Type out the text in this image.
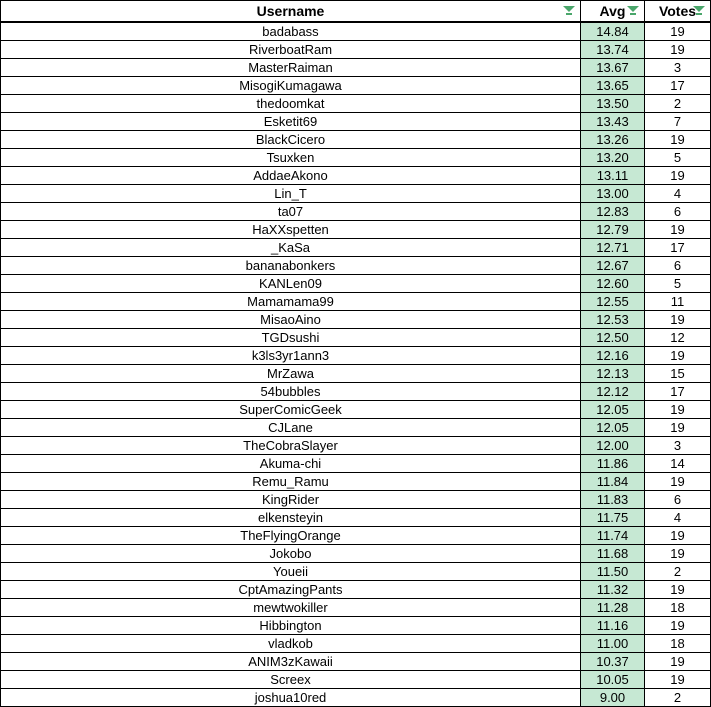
Username	Avg	Votes

badabass	14.84	19
RiverboatRam	13.74	19
MasterRaiman	13.67	3
MisogiKumagawa	13.65	17
thedoomkat	13.50	2
Esketit69	13.43	7
BlackCicero	13.26	19
Tsuxken	13.20	5
AddaeAkono	13.11	19
Lin_T	13.00	4
ta07	12.83	6
HaXXspetten	12.79	19
_KaSa	12.71	17
bananabonkers	12.67	6
KANLen09	12.60	5
Mamamama99	12.55	11
MisaoAino	12.53	19
TGDsushi	12.50	12
k3ls3yr1ann3	12.16	19
MrZawa	12.13	15
54bubbles	12.12	17
SuperComicGeek	12.05	19
CJLane	12.05	19
TheCobraSlayer	12.00	3
Akuma-chi	11.86	14
Remu_Ramu	11.84	19
KingRider	11.83	6
elkensteyin	11.75	4
TheFlyingOrange	11.74	19
Jokobo	11.68	19
Youeii	11.50	2
CptAmazingPants	11.32	19
mewtwokiller	11.28	18
Hibbington	11.16	19
vladkob	11.00	18
ANIM3zKawaii	10.37	19
Screex	10.05	19
joshua10red	9.00	2
